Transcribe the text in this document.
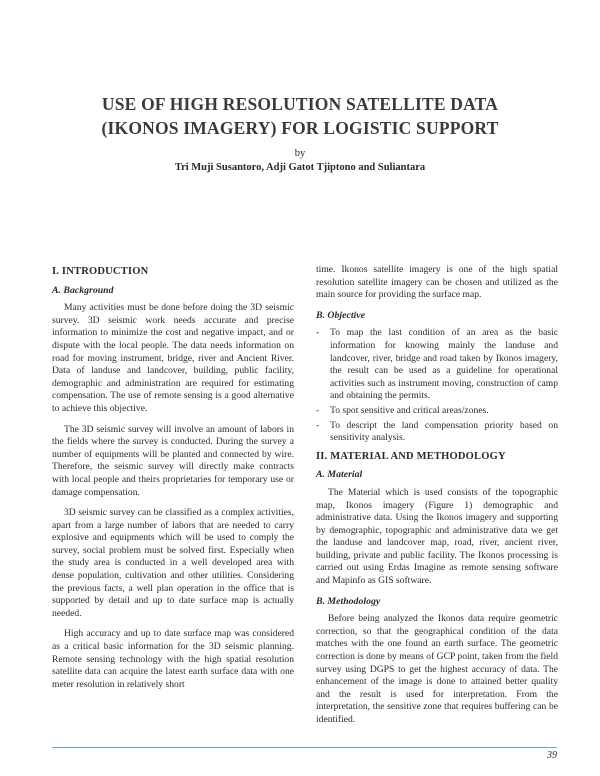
USE OF HIGH RESOLUTION SATELLITE DATA
(IKONOS IMAGERY) FOR LOGISTIC SUPPORT
by
Tri Muji Susantoro, Adji Gatot Tjiptono and Suliantara
I. INTRODUCTION
A. Background

Many activities must be done before doing the 3D seismic survey. 3D seismic work needs accurate and precise information to minimize the cost and negative impact, and or dispute with the local people. The data needs information on road for moving instrument, bridge, river and Ancient River. Data of landuse and landcover, building, public facility, demographic and administration are required for estimating compensation. The use of remote sensing is a good alternative to achieve this objective.

The 3D seismic survey will involve an amount of labors in the fields where the survey is conducted. During the survey a number of equipments will be planted and connected by wire. Therefore, the seismic survey will directly make contracts with local people and theirs proprietaries for temporary use or damage compensation.

3D seismic survey can be classified as a complex activities, apart from a large number of labors that are needed to carry explosive and equipments which will be used to comply the survey, social problem must be solved first. Especially when the study area is conducted in a well developed area with dense population, cultivation and other utilities. Considering the previous facts, a well plan operation in the office that is supported by detail and up to date surface map is actually needed.

High accuracy and up to date surface map was considered as a critical basic information for the 3D seismic planning. Remote sensing technology with the high spatial resolution satellite data can acquire the latest earth surface data with one meter resolution in relatively short

time. Ikonos satellite imagery is one of the high spatial resolution satellite imagery can be chosen and utilized as the main source for providing the surface map.

B. Objective
- To map the last condition of an area as the basic information for knowing mainly the landuse and landcover, river, bridge and road taken by Ikonos imagery, the result can be used as a guideline for operational activities such as instrument moving, construction of camp and obtaining the permits.
- To spot sensitive and critical areas/zones.
- To descript the land compensation priority based on sensitivity analysis.
II. MATERIAL AND METHODOLOGY
A. Material

The Material which is used consists of the topographic map, Ikonos imagery (Figure 1) demographic and administrative data. Using the Ikonos imagery and supporting by demographic, topographic and administrative data we get the landuse and landcover map, road, river, ancient river, building, private and public facility. The Ikonos processing is carried out using Erdas Imagine as remote sensing software and Mapinfo as GIS software.

B. Methodology

Before being analyzed the Ikonos data require geometric correction, so that the geographical condition of the data matches with the one found an earth surface. The geometric correction is done by means of GCP point, taken from the field survey using DGPS to get the highest accuracy of data. The enhancement of the image is done to attained better quality and the result is used for interpretation. From the interpretation, the sensitive zone that requires buffering can be identified.

39
